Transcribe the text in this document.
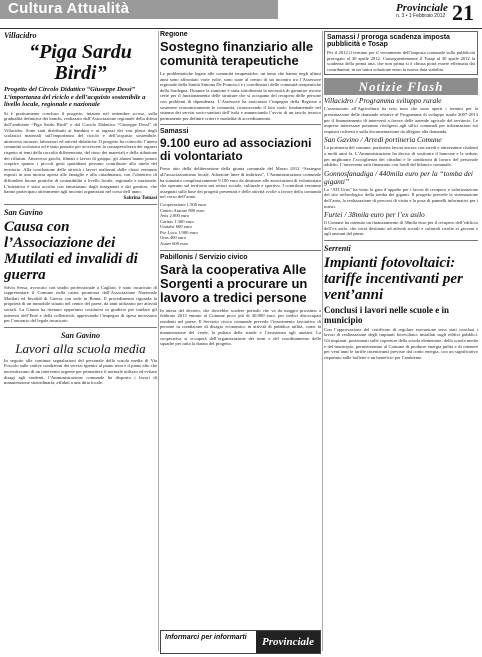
Cultura Attualità	Provinciale
n. 3 • 1 Febbraio 2012 21
Villacidro
“Piga Sardu Birdi”
Progetto del Circolo Didattico “Giuseppe Dessì” L’importanza del riciclo e dell’acquisto sostenibile a livello locale, regionale e nazionale

Si è praticamente concluso il progetto, iniziato nel settembre scorso, sulla gradualità definitiva dei banchi, realizzato dall’Associazione regionale della difesa dell’ambiente “Piga Sardu Birdi” e dal Circolo Didattico “Giuseppe Dessì” di Villacidro. Sono stati distribuiti ai bambini e ai ragazzi dei vari plessi degli scolastici materiali sull’importanza del riciclo e dell’acquisto sostenibile, attraverso incontri, laboratori ed attività didattiche. Il progetto ha coinvolto l’intera comunità scolastica ed è stato pensato per accrescere la consapevolezza dei ragazzi rispetto ai temi della raccolta differenziata, del riuso dei materiali e della riduzione dei rifiutim. Attraverso giochi, filmati e lavori di gruppo, gli alunni hanno potuto scoprire quanto i piccoli gesti quotidiani possano contribuire alla tutela del territorio. Alla conclusione delle attività i lavori realizzati dalle classi verranno esposti in una mostra aperta alle famiglie e alla cittadinanza, con l’obiettivo di diffondere buone pratiche di sostenibilità a livello locale, regionale e nazionale. L’iniziativa è stata accolta con entusiasmo dagli insegnanti e dai genitori, che hanno partecipato attivamente agli incontri organizzati nel corso dell’anno.

Sabrina Tomasi
San Gavino
Causa con l’Associazione dei Mutilati ed invalidi di guerra

Silvio Sessa, avvocato con studio professionale a Cagliari, è stato incaricato di rappresentare il Comune nella causa promossa dall’Associazione Nazionale Mutilati ed Invalidi di Guerra con sede in Roma. Il procedimento riguarda la proprietà di un immobile situato nel centro del paese, da anni utilizzato per attività sociali. La Giunta ha ritenuto opportuno costituirsi in giudizio per tutelare gli interessi dell’Ente e della collettività, approvando l’impegno di spesa necessario per l’onorario del legale incaricato.

San Gavino
Lavori alla scuola media

In seguito alle continue segnalazioni del personale della scuola media di Via Foscolo sulle cattive condizioni dei servizi igienici al piano terra e il piano alto che necessitavano di un intervento urgente per permettere il normale utilizzo ed evitare disagi agli studenti, l’Amministrazione comunale ha disposto i lavori di manutenzione straordinaria, affidati a una ditta locale.

Regione
Sostegno finanziario alle comunità terapeutiche

Le problematiche legate alle comunità terapeutiche, un tema che hanno negli ultimi anni sono affrontato varie volte, sono state al centro di un incontro tra l’Assessore regionale della Sanità Simona De Francisci e i coordinatori delle comunità terapeutiche della Sardegna. Durante la riunione è stata sottolineata la necessità di garantire risorse certe per il funzionamento delle strutture che si occupano del recupero delle persone con problemi di dipendenza. L’Assessore ha assicurato l’impegno della Regione a sostenere economicamente le comunità, riconoscendo il loro ruolo fondamentale nel sistema dei servizi socio-sanitari dell’isola e annunciando l’avvio di un tavolo tecnico permanente per definire criteri e modalità di accreditamento.

Samassi
9.100 euro ad associazioni di volontariato

Preso atto della deliberazione della giunta comunale del Marzo 2012 “Sostegno all’associazionismo locale. Adozione linee di indirizzo”, l’Amministrazione comunale ha stanziato complessivamente 9.100 euro da destinare alle associazioni di volontariato che operano sul territorio nei settori sociale, culturale e sportivo. I contributi verranno assegnati sulla base dei progetti presentati e delle attività svolte a favore della comunità nel corso dell’anno.

Cooperazione 1.500 euro
Centro Aiutare 800 euro
Avis 2.000 euro
Caritas 1.300 euro
Unitalsi 600 euro
Pro Loco 1.900 euro
Oras 400 euro
Auser 600 euro
Pabillonis / Servizio civico
Sarà la cooperativa Alle Sorgenti a procurare un lavoro a tredici persone

In attesa del decreto, che dovrebbe scadere periodo che va da maggio prossimo a febbraio 2013 entrato al Comune poco più di 40.000 euro, per tredici disoccupati residenti nel paese. Il Servizio civico comunale prevede l’inserimento lavorativo di persone in condizione di disagio economico in attività di pubblica utilità, come la manutenzione del verde, la pulizia delle strade e l’assistenza agli anziani. La cooperativa si occuperà dell’organizzazione dei turni e del coordinamento delle squadre per tutta la durata del progetto.

Informarci per informarti	Provinciale
Samassi / proroga scadenza imposta pubblicità e Tosap

Per il 2012 il termine per il versamento dell’imposta comunale sulla pubblicità prorogato al 30 aprile 2012. Conseguentemente il Tosap al 30 aprile 2012 la scadenza della prima rata, che non prima si è chiusa potrà essere effettuata dai contribuenti, in un’unica soluzione entro la nuova data stabilita.

Notizie Flash
Villacidro / Programma sviluppo rurale

L’assessorato all’Agricoltura ha reso noto che sono aperti i termini per la presentazione delle domande relative al Programma di sviluppo rurale 2007-2013 per il finanziamento di interventi a favore delle aziende agricole del territorio. Le imprese interessate potranno rivolgersi agli uffici comunali per informazioni sui requisiti richiesti e sulla documentazione da allegare alla domanda.

San Gavino / Arredi portineria Comune

La portineria del comune, portineria lavora ancora con arredi e attrezzature risalenti a molti anni fa. L’Amministrazione ha deciso di sostituire il bancone e le sedute, per migliorare l’accoglienza dei cittadini e le condizioni di lavoro del personale addetto. L’intervento sarà finanziato con fondi del bilancio comunale.

Gonnosfanadiga / 440mila euro per la “tomba dei giganti”

La “ATI Uras” ha vinto la gara d’appalto per i lavori di recupero e valorizzazione del sito archeologico della tomba dei giganti. Il progetto prevede la sistemazione dell’area, la realizzazione di percorsi di visita e la posa di pannelli informativi per i turisti.

Furtei / 38mila euro per l’ex asilo

Il Comune ha ottenuto un finanziamento di 38mila euro per il recupero dell’edificio dell’ex asilo, che verrà destinato ad attività sociali e culturali rivolte ai giovani e agli anziani del paese.

Serrenti
Impianti fotovoltaici: tariffe incentivanti per vent’anni
Conclusi i lavori nelle scuole e in municipio

Con l’approvazione del certificato di regolare esecuzione sono stati conclusi i lavori di realizzazione degli impianti fotovoltaici installati sugli edifici pubblici. Gli impianti, posizionati sulle coperture della scuola elementare, della scuola media e del municipio, permetteranno al Comune di produrre energia pulita e di ottenere per vent’anni le tariffe incentivanti previste dal conto energia, con un significativo risparmio sulle bollette e un beneficio per l’ambiente.
